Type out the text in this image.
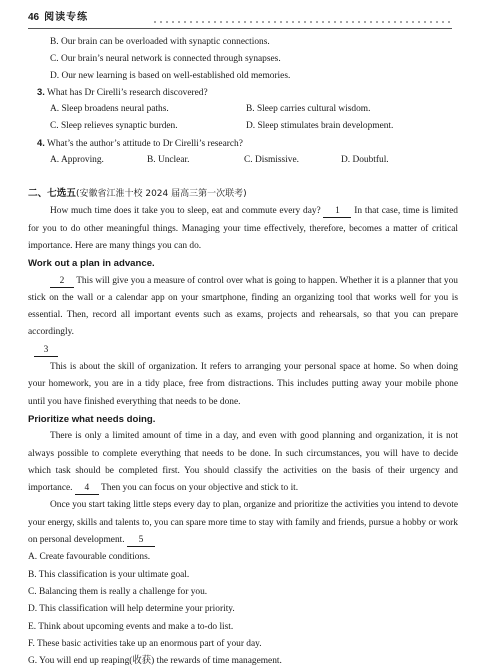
46 阅读专练
B. Our brain can be overloaded with synaptic connections.
C. Our brain’s neural network is connected through synapses.
D. Our new learning is based on well-established old memories.
3. What has Dr Cirelli’s research discovered?
A. Sleep broadens neural paths.	B. Sleep carries cultural wisdom.
C. Sleep relieves synaptic burden.	D. Sleep stimulates brain development.
4. What’s the author’s attitude to Dr Cirelli’s research?
A. Approving.	B. Unclear.	C. Dismissive.	D. Doubtful.
二、七选五(安徽省江淮十校 2024 届高三第一次联考)

How much time does it take you to sleep, eat and commute every day? 1 In that case, time is limited for you to do other meaningful things. Managing your time effectively, therefore, becomes a matter of critical importance. Here are many things you can do.

Work out a plan in advance.

2 This will give you a measure of control over what is going to happen. Whether it is a planner that you stick on the wall or a calendar app on your smartphone, finding an organizing tool that works well for you is essential. Then, record all important events such as exams, projects and rehearsals, so that you can prepare accordingly.

3

This is about the skill of organization. It refers to arranging your personal space at home. So when doing your homework, you are in a tidy place, free from distractions. This includes putting away your mobile phone until you have finished everything that needs to be done.

Prioritize what needs doing.

There is only a limited amount of time in a day, and even with good planning and organization, it is not always possible to complete everything that needs to be done. In such circumstances, you will have to decide which task should be completed first. You should classify the activities on the basis of their urgency and importance. 4 Then you can focus on your objective and stick to it.

Once you start taking little steps every day to plan, organize and prioritize the activities you intend to devote your energy, skills and talents to, you can spare more time to stay with family and friends, pursue a hobby or work on personal development. 5

A. Create favourable conditions.
B. This classification is your ultimate goal.
C. Balancing them is really a challenge for you.
D. This classification will help determine your priority.
E. Think about upcoming events and make a to-do list.
F. These basic activities take up an enormous part of your day.
G. You will end up reaping(收获) the rewards of time management.
